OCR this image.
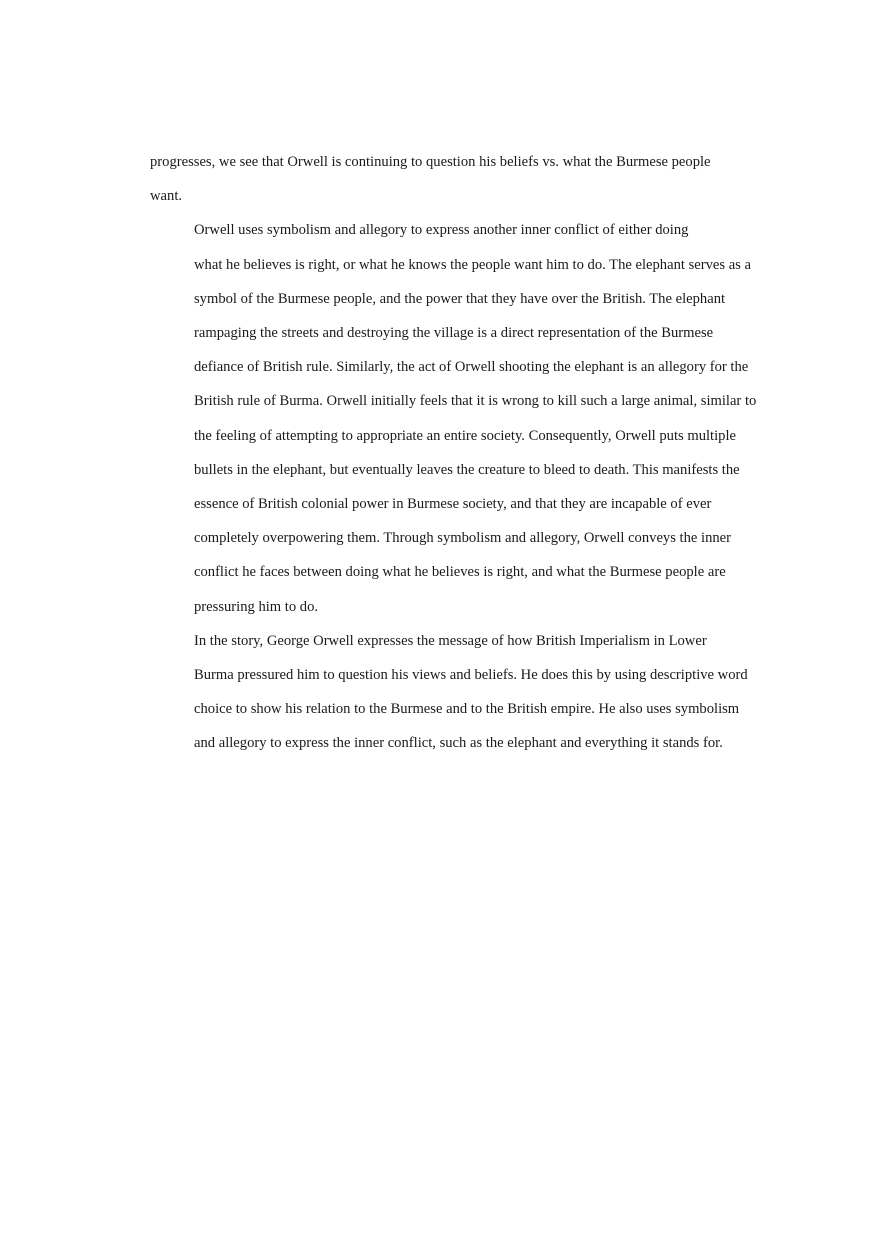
progresses, we see that Orwell is continuing to question his beliefs vs. what the Burmese people
want.

Orwell uses symbolism and allegory to express another inner conflict of either doing
what he believes is right, or what he knows the people want him to do. The elephant serves as a
symbol of the Burmese people, and the power that they have over the British. The elephant
rampaging the streets and destroying the village is a direct representation of the Burmese
defiance of British rule. Similarly, the act of Orwell shooting the elephant is an allegory for the
British rule of Burma. Orwell initially feels that it is wrong to kill such a large animal, similar to
the feeling of attempting to appropriate an entire society. Consequently, Orwell puts multiple
bullets in the elephant, but eventually leaves the creature to bleed to death. This manifests the
essence of British colonial power in Burmese society, and that they are incapable of ever
completely overpowering them. Through symbolism and allegory, Orwell conveys the inner
conflict he faces between doing what he believes is right, and what the Burmese people are
pressuring him to do.

In the story, George Orwell expresses the message of how British Imperialism in Lower
Burma pressured him to question his views and beliefs. He does this by using descriptive word
choice to show his relation to the Burmese and to the British empire. He also uses symbolism
and allegory to express the inner conflict, such as the elephant and everything it stands for.
